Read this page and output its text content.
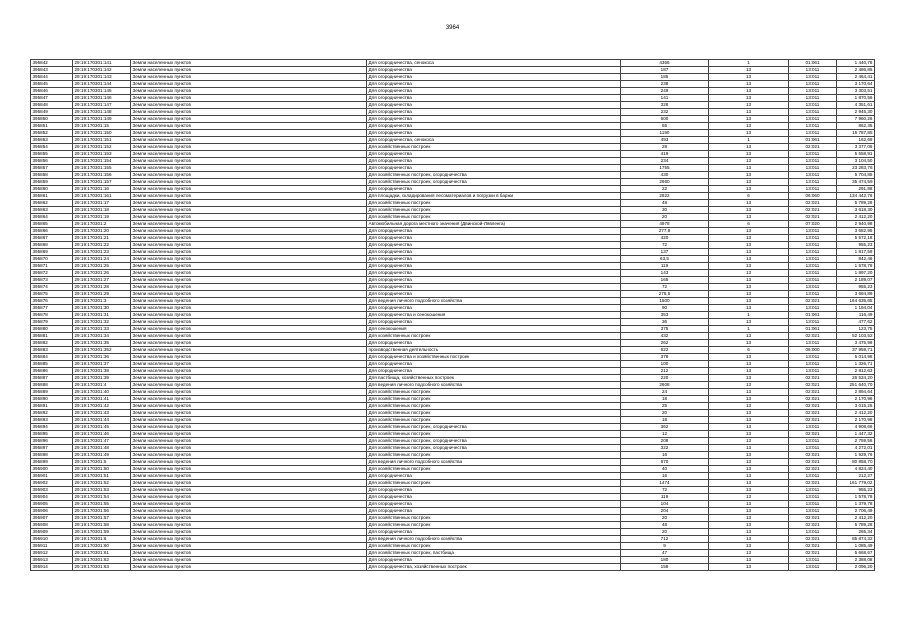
3964
395842	29:19:170301:141	Земли населенных пунктов	Для огородничества, сенокоса	4366	1	01:061	1 440,78
395843	29:19:170301:142	Земли населенных пунктов	Для огородничества	187	13	13:011	2 486,85
395844	29:19:170301:143	Земли населенных пунктов	Для огородничества	185	13	13:011	2 464,41
395845	29:19:170301:144	Земли населенных пунктов	Для огородничества	238	13	13:011	3 170,64
395846	29:19:170301:145	Земли населенных пунктов	Для огородничества	249	13	13:011	3 303,51
395847	29:19:170301:146	Земли населенных пунктов	Для огородничества	141	13	13:011	1 870,56
395848	29:19:170301:147	Земли населенных пунктов	Для огородничества	328	13	13:011	4 351,61
395849	29:19:170301:148	Земли населенных пунктов	Для огородничества	232	13	13:011	2 945,30
395850	29:19:170301:149	Земли населенных пунктов	Для огородничества	600	13	13:011	7 960,26
395851	29:19:170301:15	Земли населенных пунктов	Для огородничества	65	13	13:011	862,35
395852	29:19:170301:150	Земли населенных пунктов	Для огородничества	1190	13	13:011	15 787,85
395853	29:19:170301:151	Земли населенных пунктов	Для огородничества, сенокоса	493	1	01:061	162,69
395854	29:19:170301:152	Земли населенных пунктов	Для хозяйственных построек	28	13	02:021	3 377,08
395855	29:19:170301:153	Земли населенных пунктов	Для огородничества	419	13	13:011	5 558,91
395856	29:19:170301:154	Земли населенных пунктов	Для огородничества	234	13	13:011	3 104,50
395857	29:19:170301:155	Земли населенных пунктов	Для огородничества	1755	13	13:011	23 283,76
395858	29:19:170301:156	Земли населенных пунктов	Для хозяйственных построек, огородничества	430	13	13:011	5 704,85
395859	29:19:170301:157	Земли населенных пунктов	Для хозяйственных построек, огородничества	2660	13	13:011	35 474,59
395860	29:19:170301:16	Земли населенных пунктов	Для огородничества	22	13	13:011	291,88
395861	29:19:170301:161	Земли населенных пунктов	Для площадки, складирования лесоматериалов и погрузки в баржи	2822	6	06:060	134 442,76
395862	29:19:170301:17	Земли населенных пунктов	Для хозяйственных построек	48	13	02:021	5 789,28
395863	29:19:170301:18	Земли населенных пунктов	Для хозяйственных построек	30	13	02:021	3 618,30
395864	29:19:170301:19	Земли населенных пунктов	Для хозяйственных построек	20	13	02:021	2 412,20
395865	29:19:170301:2	Земли населенных пунктов	Автомобильная дорога местного значения (Двинской-Лявленга)	4978	6	07:020	2 940,98
395866	29:19:170301:20	Земли населенных пунктов	Для огородничества	277,8	13	13:011	3 682,95
395867	29:19:170301:21	Земли населенных пунктов	Для огородничества	420	13	13:011	5 572,18
395868	29:19:170301:22	Земли населенных пунктов	Для огородничества	72	13	13:011	955,23
395869	29:19:170301:23	Земли населенных пунктов	Для огородничества	137	13	13:011	1 817,59
395870	29:19:170301:24	Земли населенных пунктов	Для огородничества	63,5	13	13:011	842,46
395871	29:19:170301:25	Земли населенных пунктов	Для огородничества	119	13	13:011	1 578,78
395872	29:19:170301:26	Земли населенных пунктов	Для огородничества	143	13	13:011	1 897,20
395873	29:19:170301:27	Земли населенных пунктов	Для огородничества	165	13	13:011	2 189,07
395874	29:19:170301:28	Земли населенных пунктов	Для огородничества	72	13	13:011	955,23
395875	29:19:170301:29	Земли населенных пунктов	Для огородничества	278,5	13	13:011	3 694,89
395876	29:19:170301:3	Земли населенных пунктов	Для ведения личного подсобного хозяйства	1500	13	02:021	164 635,65
395877	29:19:170301:30	Земли населенных пунктов	Для огородничества	90	13	13:011	1 194,04
395878	29:19:170301:31	Земли населенных пунктов	Для огородничества и сенокошения	353	1	01:061	116,49
395879	29:19:170301:32	Земли населенных пунктов	Для огородничества	36	13	13:011	477,62
395880	29:19:170301:33	Земли населенных пунктов	Для сенокошения	375	1	01:061	123,75
395881	29:19:170301:34	Земли населенных пунктов	Для хозяйственных построек	432	13	02:021	52 103,52
395882	29:19:170301:35	Земли населенных пунктов	Для огородничества	262	13	13:011	3 475,98
395883	29:19:170301:352	Земли населенных пунктов	производственная деятельность	622	6	06:000	37 959,71
395884	29:19:170301:36	Земли населенных пунктов	Для огородничества и хозяйственных построек	378	13	13:011	5 014,96
395885	29:19:170301:37	Земли населенных пунктов	Для огородничества	100	13	13:011	1 326,71
395886	29:19:170301:38	Земли населенных пунктов	Для огородничества	212	13	13:011	2 812,63
395887	29:19:170301:39	Земли населенных пунктов	Для пастбища, хозяйственных построек	220	13	02:021	26 534,20
395888	29:19:170301:4	Земли населенных пунктов	Для ведения личного подсобного хозяйства	2608	13	02:021	251 640,70
395889	29:19:170301:40	Земли населенных пунктов	Для хозяйственных построек	24	13	02:021	2 894,64
395890	29:19:170301:41	Земли населенных пунктов	Для хозяйственных построек	18	13	02:021	2 170,98
395891	29:19:170301:42	Земли населенных пунктов	Для хозяйственных построек	25	13	02:021	3 015,25
395892	29:19:170301:43	Земли населенных пунктов	Для хозяйственных построек	20	13	02:021	2 412,20
395893	29:19:170301:44	Земли населенных пунктов	Для хозяйственных построек	18	13	02:021	2 170,98
395894	29:19:170301:45	Земли населенных пунктов	Для хозяйственных построек, огородничества	362	13	13:011	4 908,66
395895	29:19:170301:46	Земли населенных пунктов	Для хозяйственных построек	12	13	02:021	1 447,32
395896	29:19:170301:47	Земли населенных пунктов	Для хозяйственных построек, огородничества	208	13	13:011	2 759,56
395897	29:19:170301:48	Земли населенных пунктов	Для хозяйственных построек, огородничества	322	13	13:011	4 272,01
395898	29:19:170301:49	Земли населенных пунктов	Для хозяйственных построек	16	13	02:021	1 929,76
395899	29:19:170301:5	Земли населенных пунктов	Для ведения личного подсобного хозяйства	670	13	02:021	80 858,70
395900	29:19:170301:50	Земли населенных пунктов	Для хозяйственных построек	40	13	02:021	4 824,40
395901	29:19:170301:51	Земли населенных пунктов	Для огородничества	16	13	13:011	212,27
395902	29:19:170301:52	Земли населенных пунктов	Для хозяйственных построек	1474	13	02:021	161 779,02
395903	29:19:170301:53	Земли населенных пунктов	Для огородничества	72	13	13:011	955,23
395904	29:19:170301:54	Земли населенных пунктов	Для огородничества	119	13	13:011	1 578,78
395905	29:19:170301:55	Земли населенных пунктов	Для огородничества	104	13	13:011	1 379,78
395906	29:19:170301:56	Земли населенных пунктов	Для огородничества	204	13	13:011	2 706,49
395907	29:19:170301:57	Земли населенных пунктов	Для хозяйственных построек	20	13	02:021	2 412,20
395908	29:19:170301:58	Земли населенных пунктов	Для хозяйственных построек	48	13	02:021	5 789,28
395909	29:19:170301:59	Земли населенных пунктов	Для огородничества	20	13	13:011	265,34
395910	29:19:170301:6	Земли населенных пунктов	Для ведения личного подсобного хозяйства	712	13	02:021	85 874,32
395911	29:19:170301:60	Земли населенных пунктов	Для хозяйственных построек	9	13	02:021	1 085,49
395912	29:19:170301:61	Земли населенных пунктов	Для хозяйственных построек, пастбища	47	13	02:021	5 668,67
395913	29:19:170301:62	Земли населенных пунктов	Для огородничества	180	13	13:011	2 388,08
395914	29:19:170301:63	Земли населенных пунктов	Для огородничества, хозяйственных построек	158	13	13:011	2 096,20
